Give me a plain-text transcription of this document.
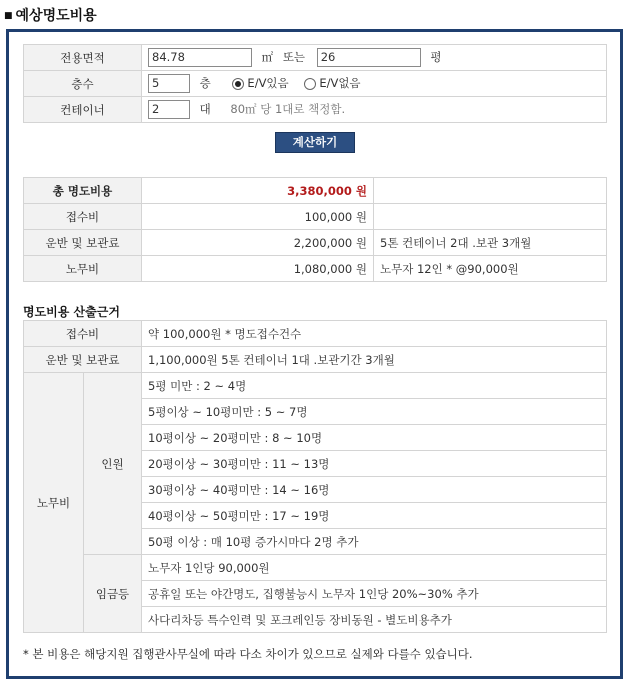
■ 예상명도비용
전용면적	84.78 ㎡ 또는 26 평
층수	5 층 E/V있음 E/V없음
컨테이너	2 대 80㎡ 당 1대로 책정함.
계산하기
총 명도비용	3,380,000 원	
접수비	100,000 원	
운반 및 보관료	2,200,000 원	5톤 컨테이너 2대 .보관 3개월
노무비	1,080,000 원	노무자 12인 * @90,000원
명도비용 산출근거
접수비		약 100,000원 * 명도접수건수
운반 및 보관료		1,100,000원 5톤 컨테이너 1대 .보관기간 3개월
노무비	인원	5평 미만 : 2 ~ 4명
		5평이상 ~ 10평미만 : 5 ~ 7명
		10평이상 ~ 20평미만 : 8 ~ 10명
		20평이상 ~ 30평미만 : 11 ~ 13명
		30평이상 ~ 40평미만 : 14 ~ 16명
		40평이상 ~ 50평미만 : 17 ~ 19명
		50평 이상 : 매 10평 증가시마다 2명 추가
	임금등	노무자 1인당 90,000원
		공휴일 또는 야간명도, 집행불능시 노무자 1인당 20%~30% 추가
		사다리차등 특수인력 및 포크레인등 장비동원 - 별도비용추가
* 본 비용은 해당지원 집행관사무실에 따라 다소 차이가 있으므로 실제와 다를수 있습니다.
